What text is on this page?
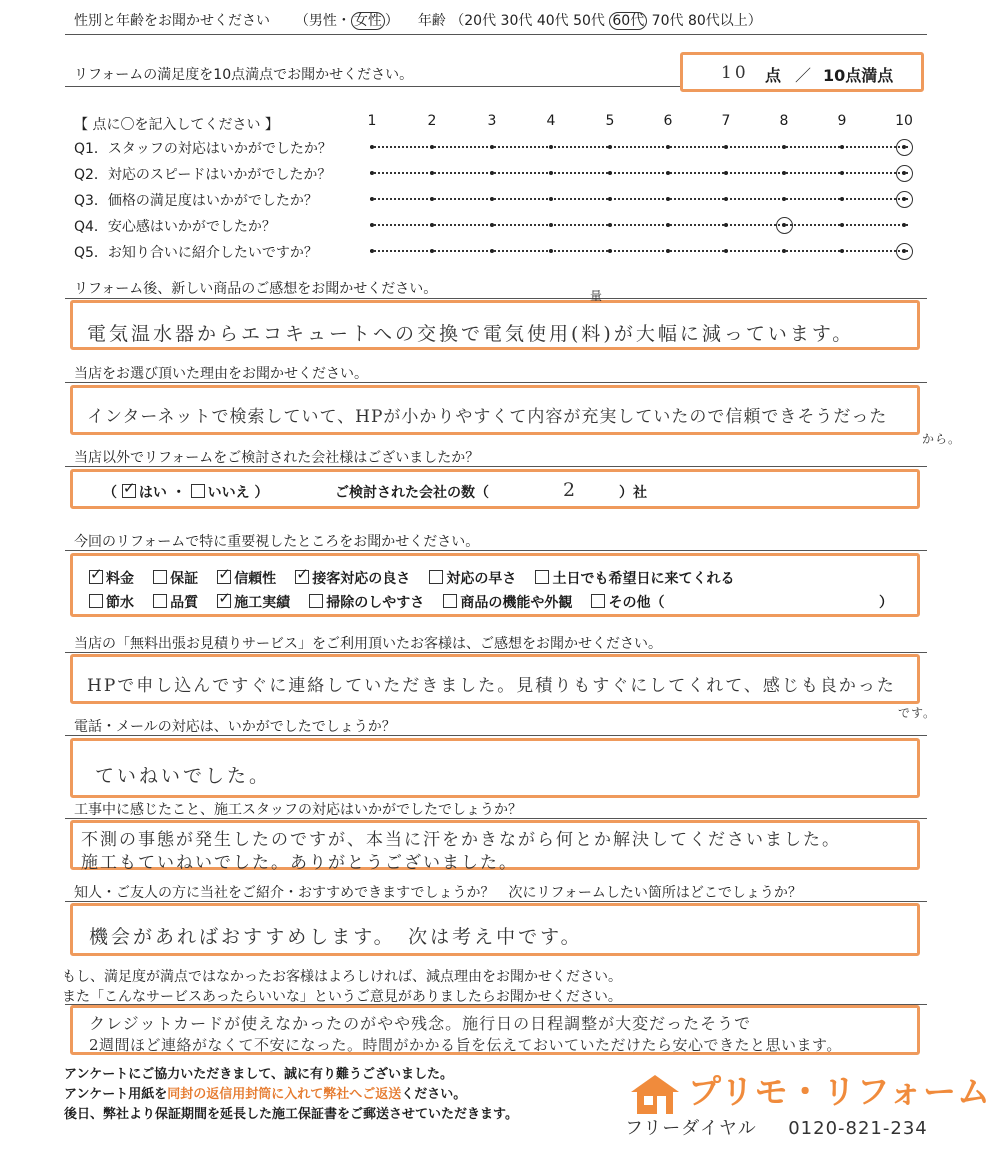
性別と年齢をお聞かせください （男性・ 女性 ） 年齢 （20代 30代 40代 50代 60代 70代 80代以上）
リフォームの満足度を10点満点でお聞かせください。	10 点 ／ 10点満点
【 点に〇を記入してください 】	1	2	3	4	5	6	7	8	9	10
Q1．スタッフの対応はいかがでしたか？
Q2．対応のスピードはいかがでしたか？
Q3．価格の満足度はいかがでしたか？
Q4．安心感はいかがでしたか？
Q5．お知り合いに紹介したいですか？
リフォーム後、新しい商品のご感想をお聞かせください。
電気温水器からエコキュートへの交換で電気使用(料)が大幅に減っています。
量
当店をお選び頂いた理由をお聞かせください。
インターネットで検索していて、HPが小かりやすくて内容が充実していたので信頼できそうだった
から。
当店以外でリフォームをご検討された会社様はございましたか？
（ ✓ はい ・ いいえ ）	ご検討された会社の数（	2	）社
今回のリフォームで特に重要視したところをお聞かせください。
✓料金	保証 ✓	信頼性 ✓	接客対応の良さ	対応の早さ	土日でも希望日に来てくれる
節水	品質 ✓	施工実績	掃除のしやすさ	商品の機能や外観	その他（	）
当店の「無料出張お見積りサービス」をご利用頂いたお客様は、ご感想をお聞かせください。
HPで申し込んですぐに連絡していただきました。見積りもすぐにしてくれて、感じも良かった
です。
電話・メールの対応は、いかがでしたでしょうか？
ていねいでした。
工事中に感じたこと、施工スタッフの対応はいかがでしたでしょうか？
不測の事態が発生したのですが、本当に汗をかきながら何とか解決してくださいました。
施工もていねいでした。ありがとうございました。
知人・ご友人の方に当社をご紹介・おすすめできますでしょうか？　次にリフォームしたい箇所はどこでしょうか？
機会があればおすすめします。　次は考え中です。
もし、満足度が満点ではなかったお客様はよろしければ、減点理由をお聞かせください。
また「こんなサービスあったらいいな」というご意見がありましたらお聞かせください。
クレジットカードが使えなかったのがやや残念。施行日の日程調整が大変だったそうで
2週間ほど連絡がなくて不安になった。時間がかかる旨を伝えておいていただけたら安心できたと思います。
アンケートにご協力いただきまして、誠に有り難うございました。
アンケート用紙を同封の返信用封筒に入れて弊社へご返送ください。
後日、弊社より保証期間を延長した施工保証書をご郵送させていただきます。
プリモ・リフォーム
フリーダイヤル 0120-821-234
